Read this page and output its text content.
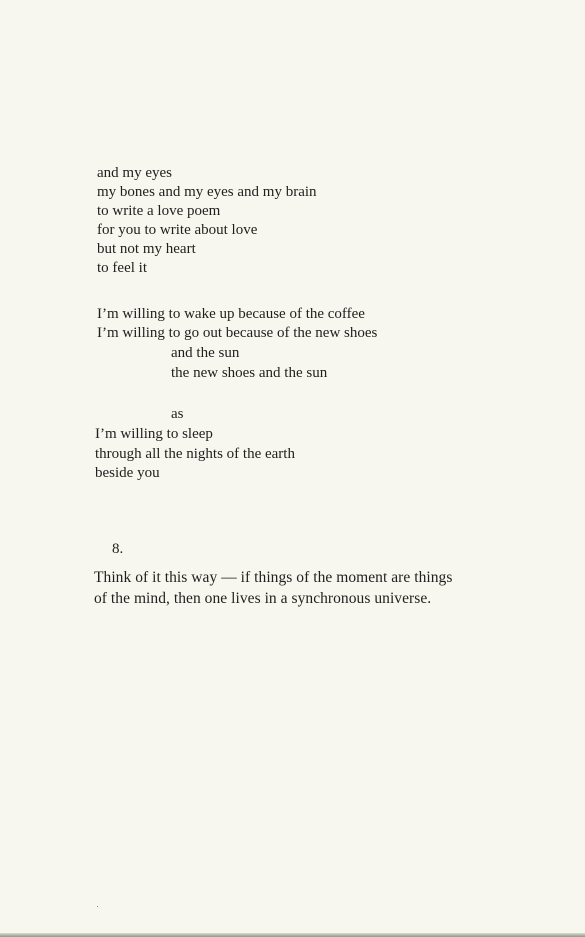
and my eyes
my bones and my eyes and my brain
to write a love poem
for you to write about love
but not my heart
to feel it
I’m willing to wake up because of the coffee
I’m willing to go out because of the new shoes
and the sun
the new shoes and the sun
as
I’m willing to sleep
through all the nights of the earth
beside you
8.
Think of it this way — if things of the moment are things
of the mind, then one lives in a synchronous universe.
